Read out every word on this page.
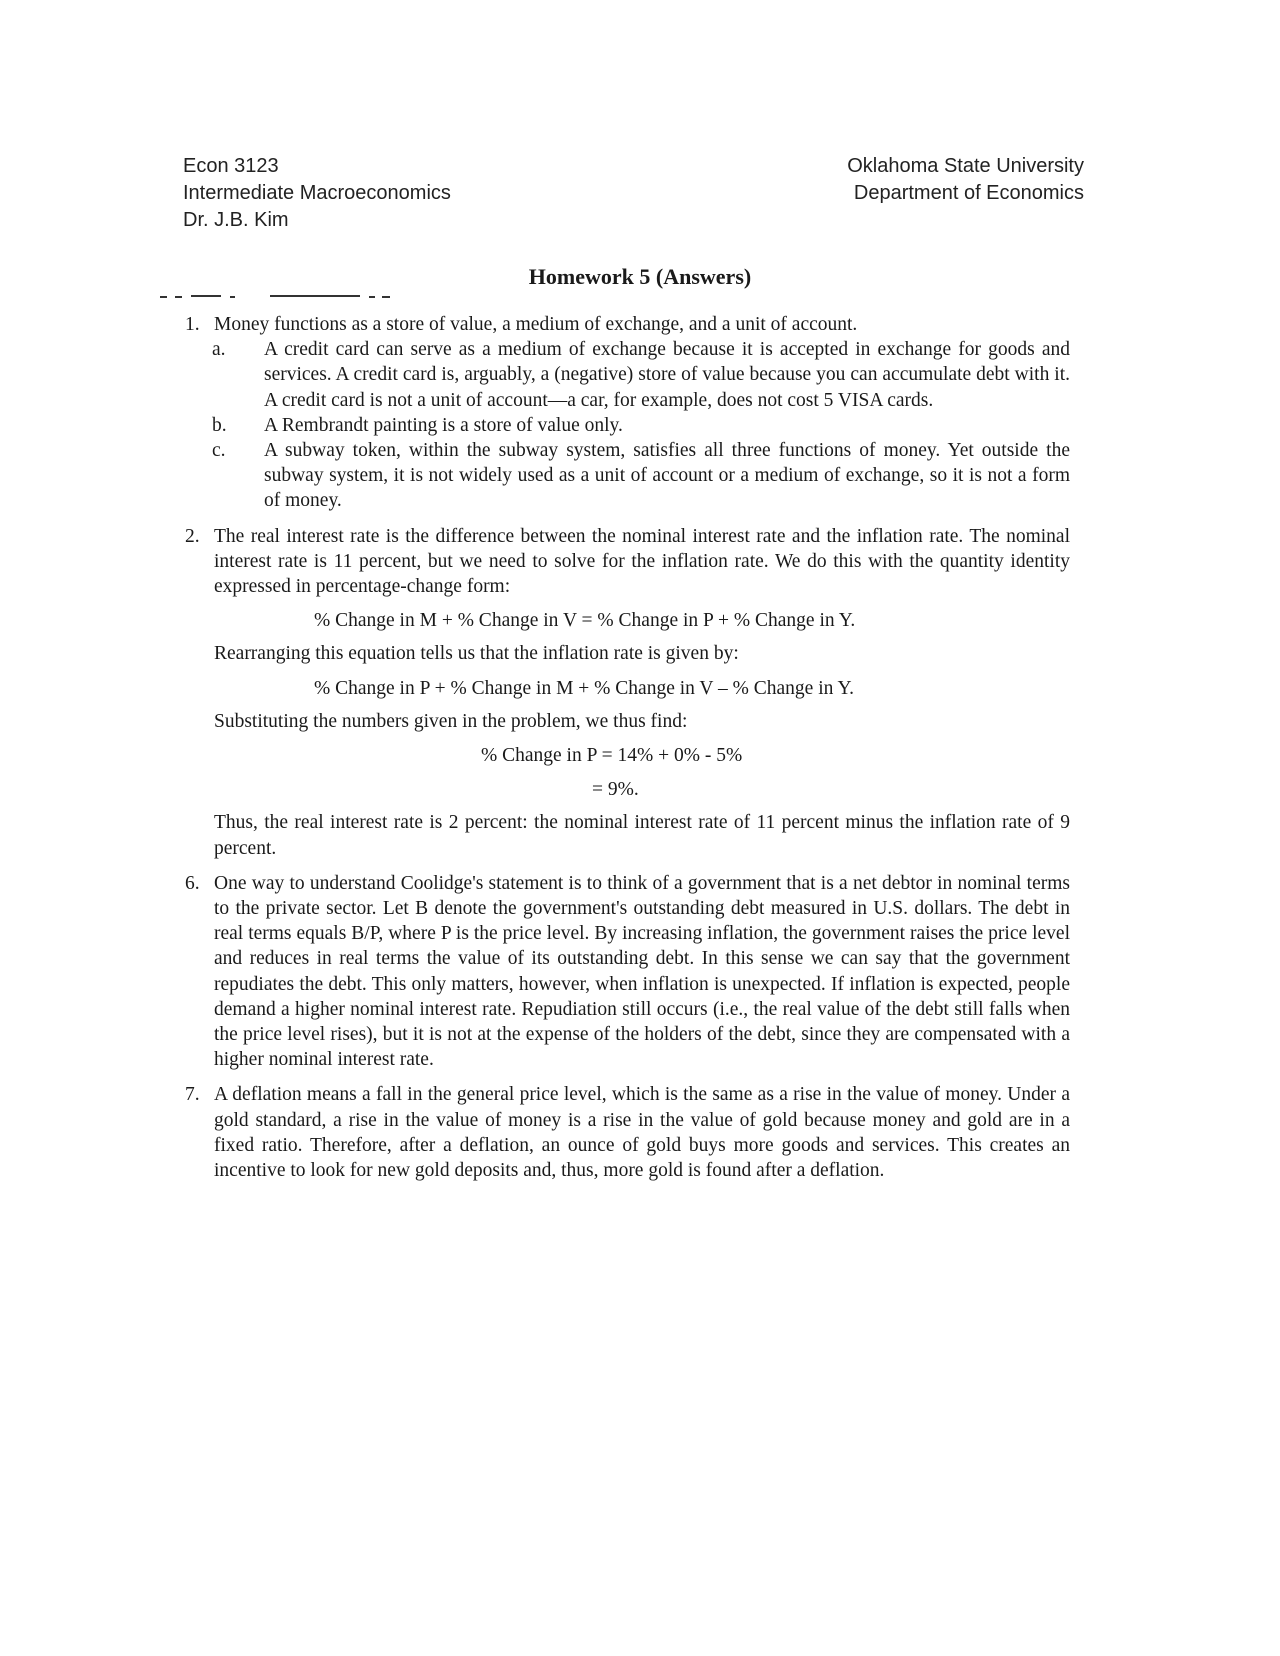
Econ 3123
Intermediate Macroeconomics
Dr. J.B. Kim
Oklahoma State University
Department of Economics
Homework 5 (Answers)
1. Money functions as a store of value, a medium of exchange, and a unit of account.
a. A credit card can serve as a medium of exchange because it is accepted in exchange for goods and services. A credit card is, arguably, a (negative) store of value because you can accumulate debt with it. A credit card is not a unit of account—a car, for example, does not cost 5 VISA cards.
b. A Rembrandt painting is a store of value only.
c. A subway token, within the subway system, satisfies all three functions of money. Yet outside the subway system, it is not widely used as a unit of account or a medium of exchange, so it is not a form of money.
2. The real interest rate is the difference between the nominal interest rate and the inflation rate. The nominal interest rate is 11 percent, but we need to solve for the inflation rate. We do this with the quantity identity expressed in percentage-change form:
% Change in M + % Change in V = % Change in P + % Change in Y.
Rearranging this equation tells us that the inflation rate is given by:
% Change in P + % Change in M + % Change in V – % Change in Y.
Substituting the numbers given in the problem, we thus find:
% Change in P = 14% + 0% - 5%
= 9%.
Thus, the real interest rate is 2 percent: the nominal interest rate of 11 percent minus the inflation rate of 9 percent.
6. One way to understand Coolidge's statement is to think of a government that is a net debtor in nominal terms to the private sector. Let B denote the government's outstanding debt measured in U.S. dollars. The debt in real terms equals B/P, where P is the price level. By increasing inflation, the government raises the price level and reduces in real terms the value of its outstanding debt. In this sense we can say that the government repudiates the debt. This only matters, however, when inflation is unexpected. If inflation is expected, people demand a higher nominal interest rate. Repudiation still occurs (i.e., the real value of the debt still falls when the price level rises), but it is not at the expense of the holders of the debt, since they are compensated with a higher nominal interest rate.
7. A deflation means a fall in the general price level, which is the same as a rise in the value of money. Under a gold standard, a rise in the value of money is a rise in the value of gold because money and gold are in a fixed ratio. Therefore, after a deflation, an ounce of gold buys more goods and services. This creates an incentive to look for new gold deposits and, thus, more gold is found after a deflation.
